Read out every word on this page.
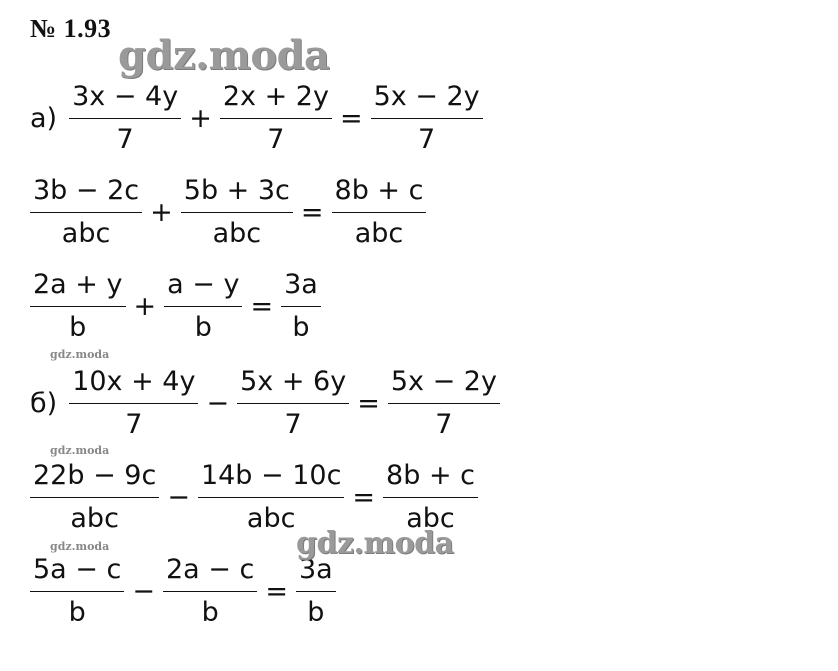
№ 1.93
$а) \frac{3x - 4y}{7} + \frac{2x + 2y}{7} = \frac{5x - 2y}{7}$
$\frac{3b - 2c}{\text{abc}} + \frac{5b + 3c}{\text{abc}} = \frac{8b + c}{\text{abc}}$
$\frac{2a + y}{b} + \frac{a - y}{b} = \frac{3a}{b}$
$б) \frac{10x + 4y}{7} - \frac{5x + 6y}{7} = \frac{5x - 2y}{7}$
$\frac{22b - 9c}{\text{abc}} - \frac{14b - 10c}{\text{abc}} = \frac{8b + c}{\text{abc}}$
$\frac{5a - c}{b} - \frac{2a - c}{b} = \frac{3a}{b}$
gdz.moda
gdz.moda
gdz.moda
gdz.moda
gdz.moda
